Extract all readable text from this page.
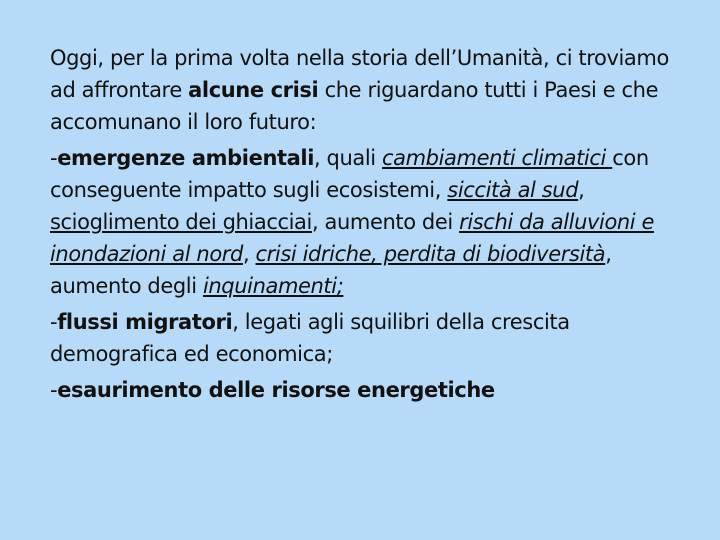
Oggi, per la prima volta nella storia dell’Umanità, ci troviamo ad affrontare alcune crisi che riguardano tutti i Paesi e che accomunano il loro futuro:

-emergenze ambientali, quali cambiamenti climatici con conseguente impatto sugli ecosistemi, siccità al sud, scioglimento dei ghiacciai, aumento dei rischi da alluvioni e inondazioni al nord, crisi idriche, perdita di biodiversità, aumento degli inquinamenti;

-flussi migratori, legati agli squilibri della crescita demografica ed economica;

-esaurimento delle risorse energetiche
